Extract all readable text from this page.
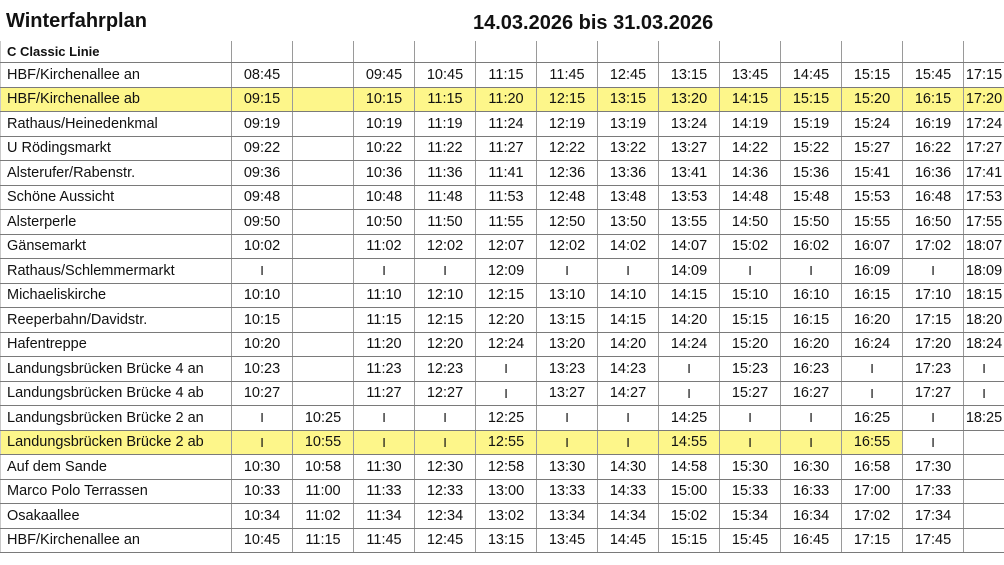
Winterfahrplan	14.03.2026 bis 31.03.2026
C Classic Linie													
HBF/Kirchenallee an	08:45		09:45	10:45	11:15	11:45	12:45	13:15	13:45	14:45	15:15	15:45	17:15
HBF/Kirchenallee ab	09:15		10:15	11:15	11:20	12:15	13:15	13:20	14:15	15:15	15:20	16:15	17:20
Rathaus/Heinedenkmal	09:19		10:19	11:19	11:24	12:19	13:19	13:24	14:19	15:19	15:24	16:19	17:24
U Rödingsmarkt	09:22		10:22	11:22	11:27	12:22	13:22	13:27	14:22	15:22	15:27	16:22	17:27
Alsterufer/Rabenstr.	09:36		10:36	11:36	11:41	12:36	13:36	13:41	14:36	15:36	15:41	16:36	17:41
Schöne Aussicht	09:48		10:48	11:48	11:53	12:48	13:48	13:53	14:48	15:48	15:53	16:48	17:53
Alsterperle	09:50		10:50	11:50	11:55	12:50	13:50	13:55	14:50	15:50	15:55	16:50	17:55
Gänsemarkt	10:02		11:02	12:02	12:07	12:02	14:02	14:07	15:02	16:02	16:07	17:02	18:07
Rathaus/Schlemmermarkt	I		I	I	12:09	I	I	14:09	I	I	16:09	I	18:09
Michaeliskirche	10:10		11:10	12:10	12:15	13:10	14:10	14:15	15:10	16:10	16:15	17:10	18:15
Reeperbahn/Davidstr.	10:15		11:15	12:15	12:20	13:15	14:15	14:20	15:15	16:15	16:20	17:15	18:20
Hafentreppe	10:20		11:20	12:20	12:24	13:20	14:20	14:24	15:20	16:20	16:24	17:20	18:24
Landungsbrücken Brücke 4 an	10:23		11:23	12:23	I	13:23	14:23	I	15:23	16:23	I	17:23	I
Landungsbrücken Brücke 4 ab	10:27		11:27	12:27	I	13:27	14:27	I	15:27	16:27	I	17:27	I
Landungsbrücken Brücke 2 an	I	10:25	I	I	12:25	I	I	14:25	I	I	16:25	I	18:25
Landungsbrücken Brücke 2 ab	I	10:55	I	I	12:55	I	I	14:55	I	I	16:55	I	
Auf dem Sande	10:30	10:58	11:30	12:30	12:58	13:30	14:30	14:58	15:30	16:30	16:58	17:30	
Marco Polo Terrassen	10:33	11:00	11:33	12:33	13:00	13:33	14:33	15:00	15:33	16:33	17:00	17:33	
Osakaallee	10:34	11:02	11:34	12:34	13:02	13:34	14:34	15:02	15:34	16:34	17:02	17:34	
HBF/Kirchenallee an	10:45	11:15	11:45	12:45	13:15	13:45	14:45	15:15	15:45	16:45	17:15	17:45	
